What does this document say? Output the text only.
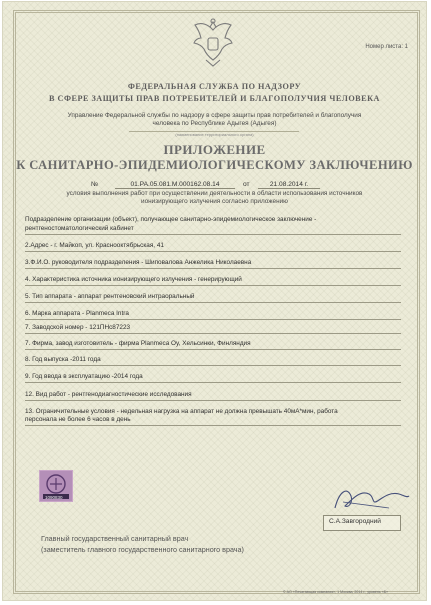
Номер листа: 1
ФЕДЕРАЛЬНАЯ СЛУЖБА ПО НАДЗОРУ
В СФЕРЕ ЗАЩИТЫ ПРАВ ПОТРЕБИТЕЛЕЙ И БЛАГОПОЛУЧИЯ ЧЕЛОВЕКА
Управление Федеральной службы по надзору в сфере защиты прав потребителей и благополучия
человека по Республике Адыгея (Адыгея)
(наименование территориального органа)
ПРИЛОЖЕНИЕ
К САНИТАРНО-ЭПИДЕМИОЛОГИЧЕСКОМУ ЗАКЛЮЧЕНИЮ
№	01.РА.05.081.М.000162.08.14	от	21.08.2014 г.
условия выполнения работ при осуществлении деятельности в области использования источников
ионизирующего излучения согласно приложению
Подразделение организации (объект), получающее санитарно-эпидемиологическое заключение -
рентгеностоматологический кабинет
2.Адрес - г. Майкоп, ул. Краснооктябрьская, 41
3.Ф.И.О. руководителя подразделения - Шиповалова Анжелика Николаевна
4. Характеристика источника ионизирующего излучения - генерирующий
5. Тип аппарата - аппарат рентгеновский интраоральный
6. Марка аппарата - Planmeca Intra
7. Заводской номер - 121ПНс87223
7. Фирма, завод изготовитель - фирма Planmeca Oy, Хельсинки, Финляндия
8. Год выпуска -2011 года
9. Год ввода в эксплуатацию -2014 года
12. Вид работ - рентгенодиагностические исследования
13. Ограничительные условия - недельная нагрузка на аппарат не должна превышать 40мА*мин, работа
персонала не более 6 часов в день
1090830
Главный государственный санитарный врач
(заместитель главного государственного санитарного врача)
С.А.Завгородний
© АО «Печатающая компания», 1 Москва, 2014 г., уровень «Б»
